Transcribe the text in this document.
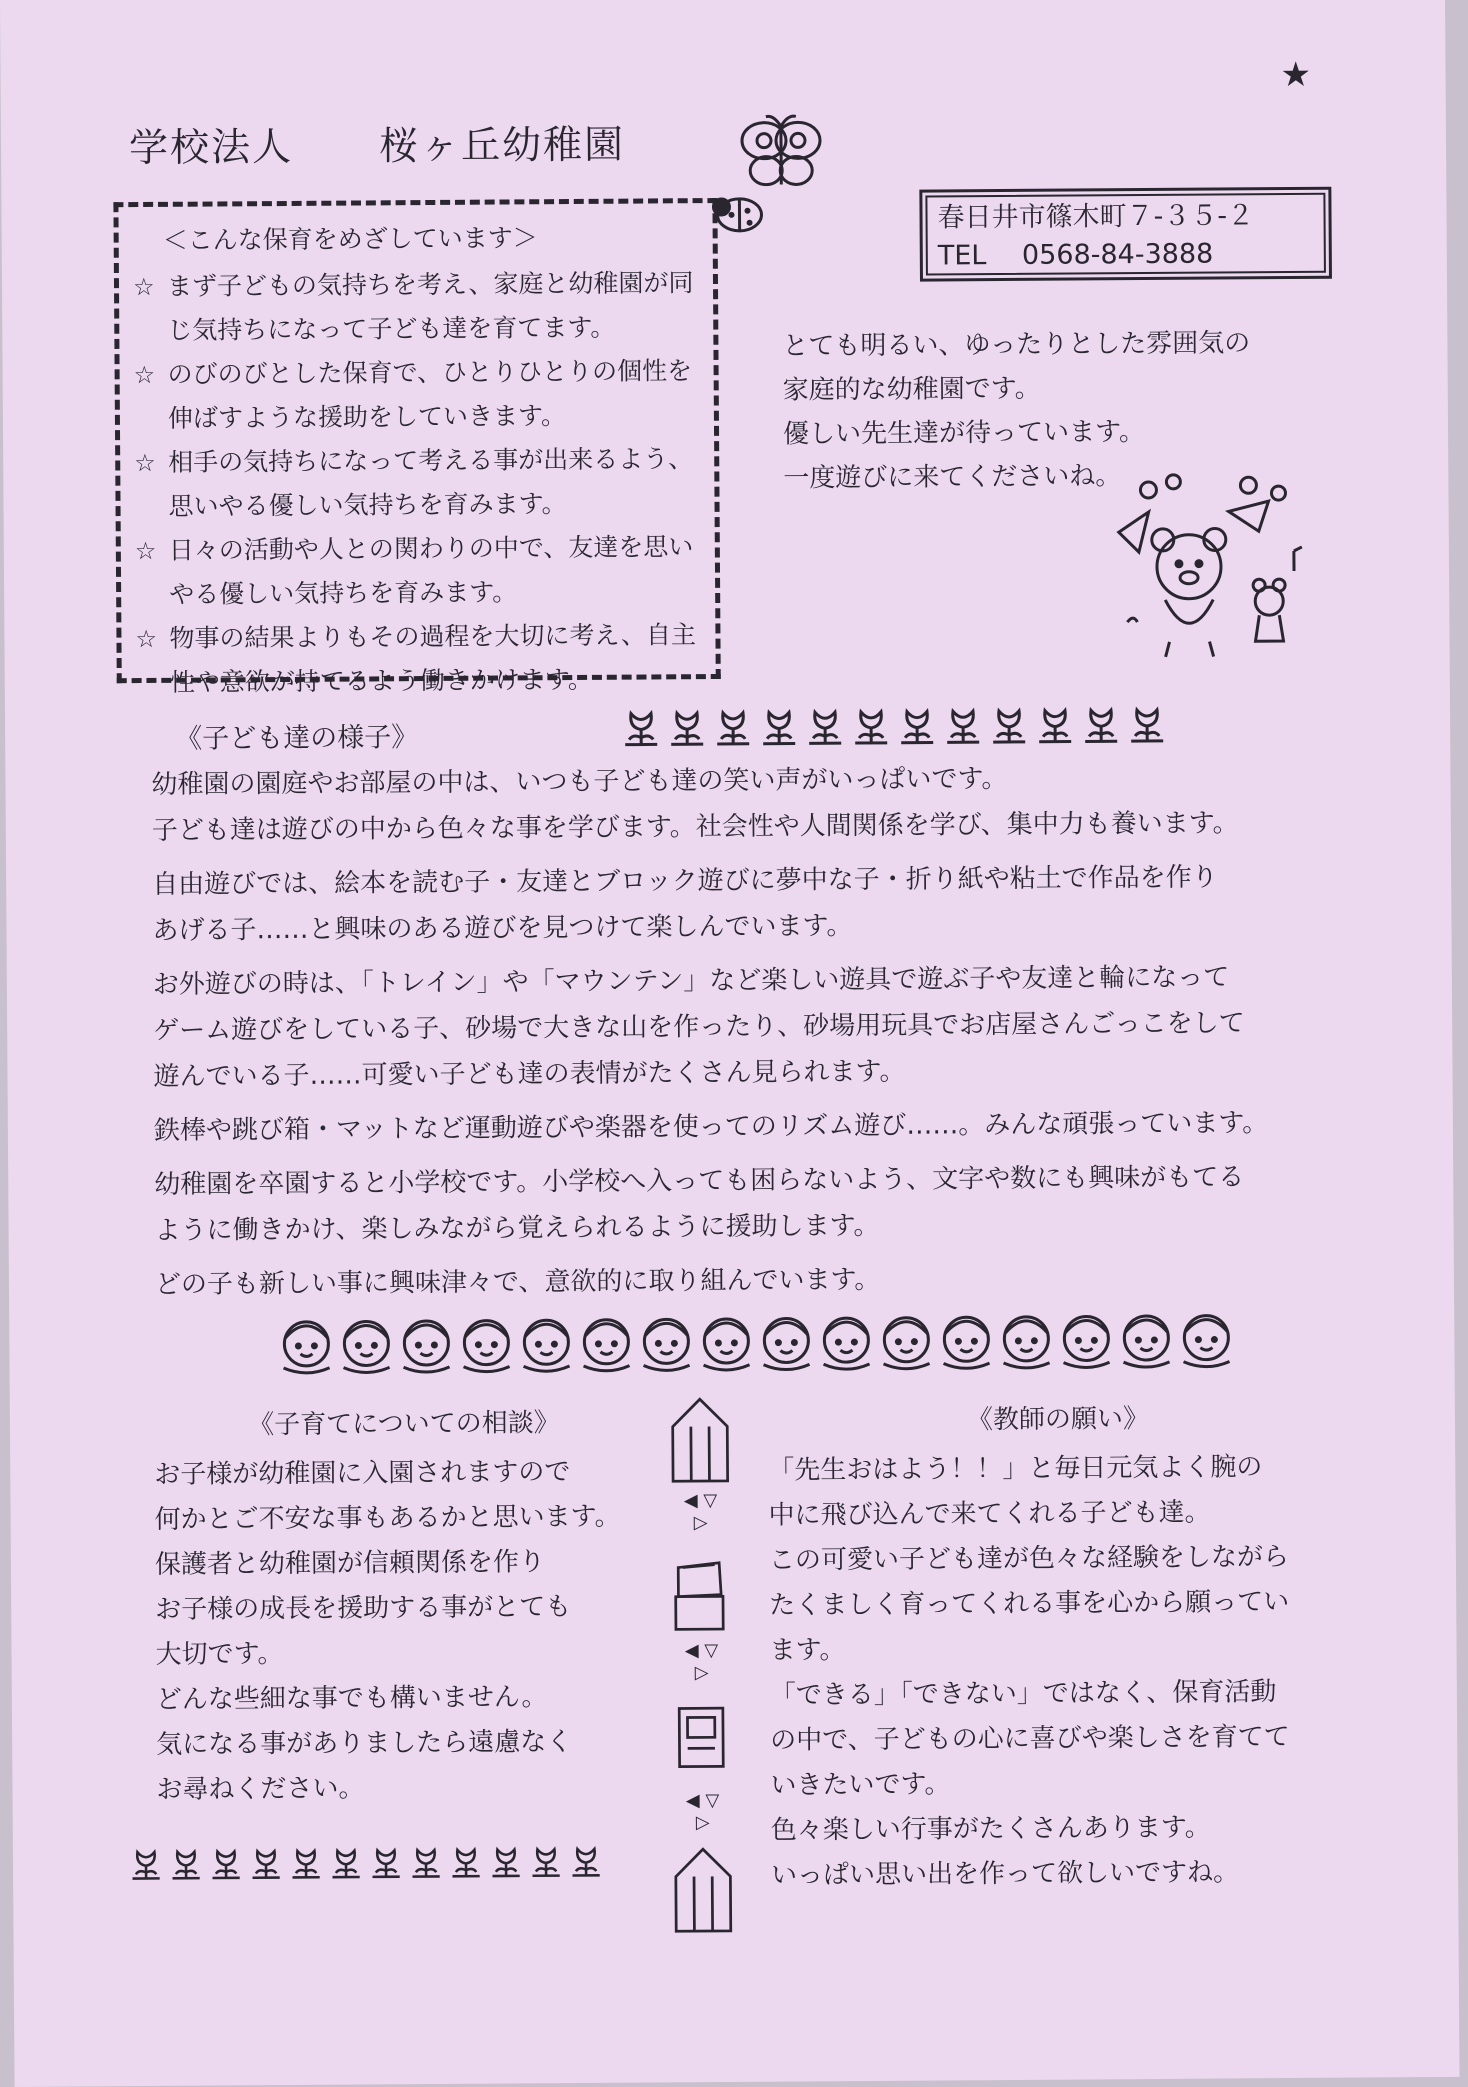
★
学校法人 桜ヶ丘幼稚園
＜こんな保育をめざしています＞
☆ まず子どもの気持ちを考え、家庭と幼稚園が同じ気持ちになって子ども達を育てます。
☆ のびのびとした保育で、ひとりひとりの個性を伸ばすような援助をしていきます。
☆ 相手の気持ちになって考える事が出来るよう、思いやる優しい気持ちを育みます。
☆ 日々の活動や人との関わりの中で、友達を思いやる優しい気持ちを育みます。
☆ 物事の結果よりもその過程を大切に考え、自主性や意欲が持てるよう働きかけます。
春日井市篠木町７-３５-２
TEL　 0568-84-3888
とても明るい、ゆったりとした雰囲気の
家庭的な幼稚園です。
優しい先生達が待っています。
一度遊びに来てくださいね。
《子ども達の様子》

幼稚園の園庭やお部屋の中は、いつも子ども達の笑い声がいっぱいです。
子ども達は遊びの中から色々な事を学びます。社会性や人間関係を学び、集中力も養います。

自由遊びでは、絵本を読む子・友達とブロック遊びに夢中な子・折り紙や粘土で作品を作り
あげる子……と興味のある遊びを見つけて楽しんでいます。

お外遊びの時は、「トレイン」や「マウンテン」など楽しい遊具で遊ぶ子や友達と輪になって
ゲーム遊びをしている子、砂場で大きな山を作ったり、砂場用玩具でお店屋さんごっこをして
遊んでいる子……可愛い子ども達の表情がたくさん見られます。

鉄棒や跳び箱・マットなど運動遊びや楽器を使ってのリズム遊び……。みんな頑張っています。

幼稚園を卒園すると小学校です。小学校へ入っても困らないよう、文字や数にも興味がもてる
ように働きかけ、楽しみながら覚えられるように援助します。

どの子も新しい事に興味津々で、意欲的に取り組んでいます。

《子育てについての相談》
お子様が幼稚園に入園されますので
何かとご不安な事もあるかと思います。
保護者と幼稚園が信頼関係を作り
お子様の成長を援助する事がとても
大切です。
どんな些細な事でも構いません。
気になる事がありましたら遠慮なく
お尋ねください。
◀ ▽
▷
◀ ▽
▷
◀ ▽
▷
《教師の願い》
「先生おはよう！！」と毎日元気よく腕の
中に飛び込んで来てくれる子ども達。
この可愛い子ども達が色々な経験をしながら
たくましく育ってくれる事を心から願ってい
ます。
「できる」「できない」ではなく、保育活動
の中で、子どもの心に喜びや楽しさを育てて
いきたいです。
色々楽しい行事がたくさんあります。
いっぱい思い出を作って欲しいですね。
